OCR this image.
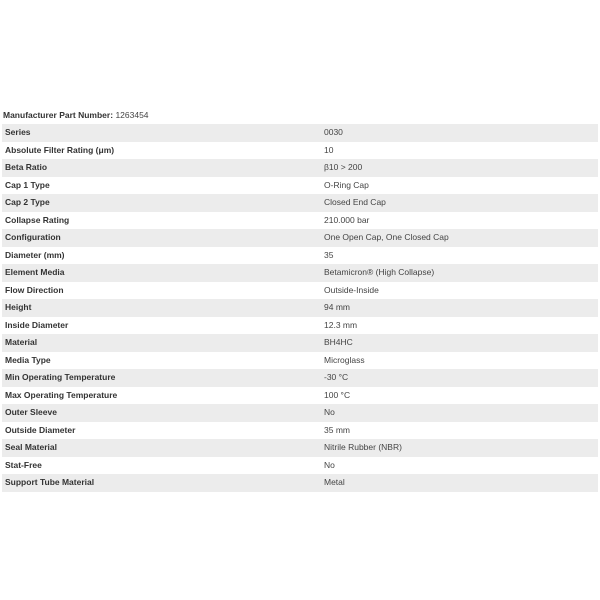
Manufacturer Part Number: 1263454
Series	0030
Absolute Filter Rating (μm)	10
Beta Ratio	β10 > 200
Cap 1 Type	O-Ring Cap
Cap 2 Type	Closed End Cap
Collapse Rating	210.000 bar
Configuration	One Open Cap, One Closed Cap
Diameter (mm)	35
Element Media	Betamicron® (High Collapse)
Flow Direction	Outside-Inside
Height	94 mm
Inside Diameter	12.3 mm
Material	BH4HC
Media Type	Microglass
Min Operating Temperature	-30 °C
Max Operating Temperature	100 °C
Outer Sleeve	No
Outside Diameter	35 mm
Seal Material	Nitrile Rubber (NBR)
Stat-Free	No
Support Tube Material	Metal
